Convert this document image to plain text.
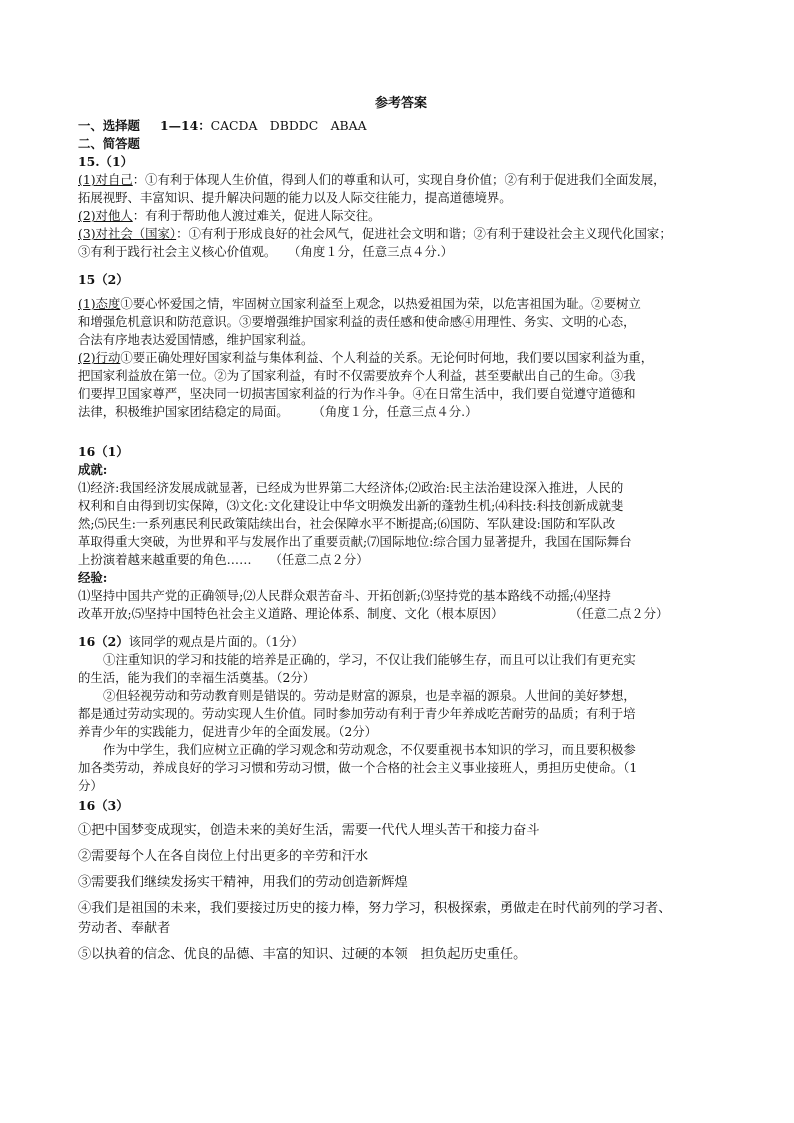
参考答案

一、选择题 1—14：CACDA　DBDDC　ABAA

二、简答题

15.（1）

(1)对自己：①有利于体现人生价值，得到人们的尊重和认可，实现自身价值；②有利于促进我们全面发展，

拓展视野、丰富知识、提升解决问题的能力以及人际交往能力，提高道德境界。

(2)对他人：有利于帮助他人渡过难关，促进人际交往。

(3)对社会（国家）：①有利于形成良好的社会风气，促进社会文明和谐；②有利于建设社会主义现代化国家；

③有利于践行社会主义核心价值观。 （角度１分，任意三点４分.）

15（2）

(1)态度①要心怀爱国之情，牢固树立国家利益至上观念，以热爱祖国为荣，以危害祖国为耻。②要树立

和增强危机意识和防范意识。③要增强维护国家利益的责任感和使命感④用理性、务实、文明的心态，

合法有序地表达爱国情感，维护国家利益。

(2)行动①要正确处理好国家利益与集体利益、个人利益的关系。无论何时何地，我们要以国家利益为重，

把国家利益放在第一位。②为了国家利益，有时不仅需要放弃个人利益，甚至要献出自己的生命。③我

们要捍卫国家尊严，坚决同一切损害国家利益的行为作斗争。④在日常生活中，我们要自觉遵守道德和

法律，积极维护国家团结稳定的局面。 （角度１分，任意三点４分.）

16（1）

成就:

⑴经济:我国经济发展成就显著，已经成为世界第二大经济体;⑵政治:民主法治建设深入推进，人民的

权利和自由得到切实保障，⑶文化:文化建设让中华文明焕发出新的蓬勃生机;⑷科技:科技创新成就斐

然;⑸民生:一系列惠民利民政策陆续出台，社会保障水平不断提高;⑹国防、军队建设:国防和军队改

革取得重大突破，为世界和平与发展作出了重要贡献;⑺国际地位:综合国力显著提升，我国在国际舞台

上扮演着越来越重要的角色…… （任意二点２分）

经验:

⑴坚持中国共产党的正确领导;⑵人民群众艰苦奋斗、开拓创新;⑶坚持党的基本路线不动摇;⑷坚持

改革开放;⑸坚持中国特色社会主义道路、理论体系、制度、文化（根本原因）	（任意二点２分）

16（2）该同学的观点是片面的。（1分）

①注重知识的学习和技能的培养是正确的，学习，不仅让我们能够生存，而且可以让我们有更充实

的生活，能为我们的幸福生活奠基。（2分）

②但轻视劳动和劳动教育则是错误的。劳动是财富的源泉，也是幸福的源泉。人世间的美好梦想，

都是通过劳动实现的。劳动实现人生价值。同时参加劳动有利于青少年养成吃苦耐劳的品质；有利于培

养青少年的实践能力，促进青少年的全面发展。（2分）

作为中学生，我们应树立正确的学习观念和劳动观念，不仅要重视书本知识的学习，而且要积极参

加各类劳动，养成良好的学习习惯和劳动习惯，做一个合格的社会主义事业接班人，勇担历史使命。（1

分）

16（3）

①把中国梦变成现实，创造未来的美好生活，需要一代代人埋头苦干和接力奋斗

②需要每个人在各自岗位上付出更多的辛劳和汗水

③需要我们继续发扬实干精神，用我们的劳动创造新辉煌

④我们是祖国的未来，我们要接过历史的接力棒，努力学习，积极探索，勇做走在时代前列的学习者、

劳动者、奉献者

⑤以执着的信念、优良的品德、丰富的知识、过硬的本领　担负起历史重任。
